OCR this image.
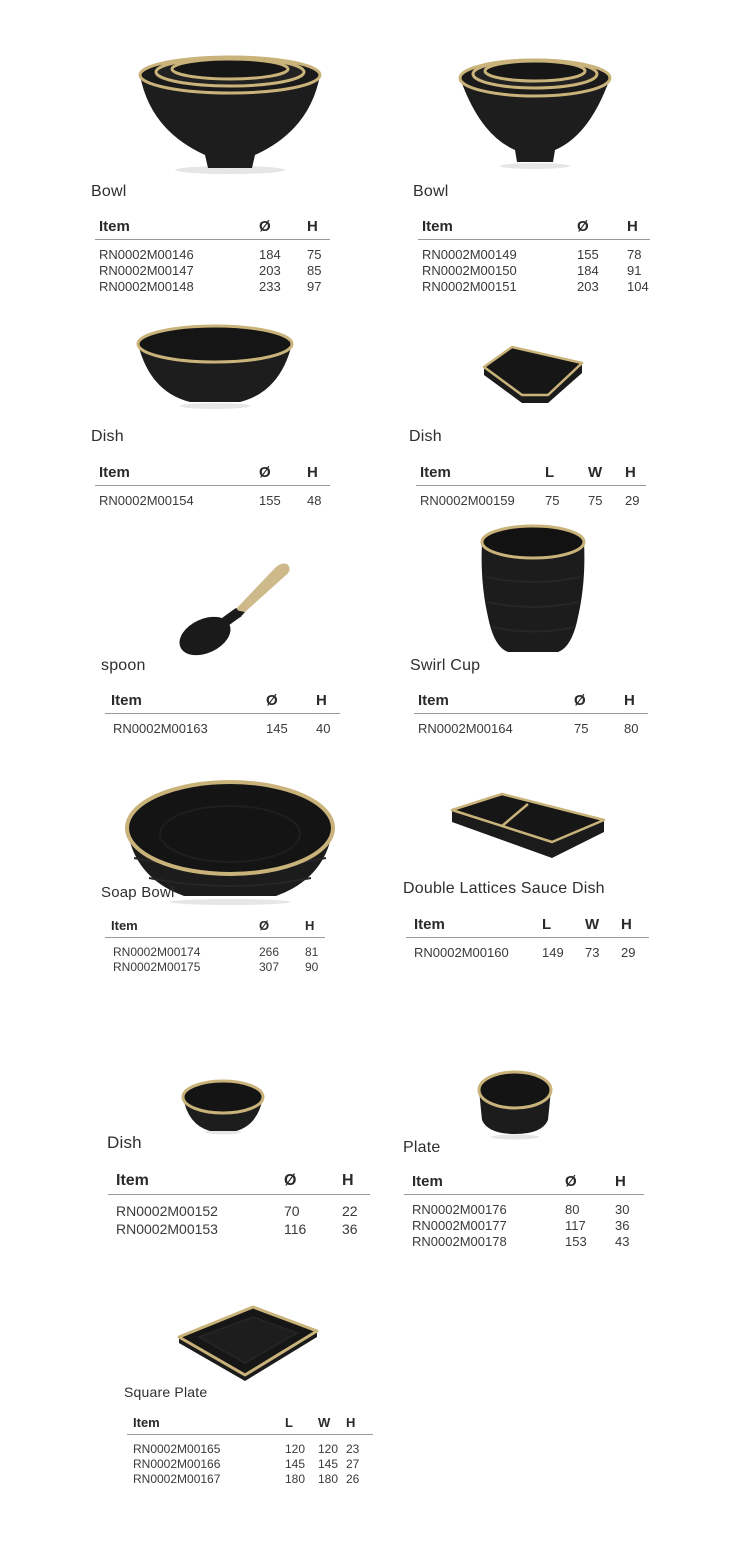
Bowl
Item	Ø	H
RN0002M00146	184	75
RN0002M00147	203	85
RN0002M00148	233	97
Bowl
Item	Ø	H
RN0002M00149	155	78
RN0002M00150	184	91
RN0002M00151	203	104
Dish
Item	Ø	H
RN0002M00154	155	48
Dish
Item	L	W	H
RN0002M00159	75	75	29
spoon
Item	Ø	H
RN0002M00163	145	40
Swirl Cup
Item	Ø	H
RN0002M00164	75	80
Soap Bowl
Item	Ø	H
RN0002M00174	266	81
RN0002M00175	307	90
Double Lattices Sauce Dish
Item	L	W	H
RN0002M00160	149	73	29
Dish
Item	Ø	H
RN0002M00152	70	22
RN0002M00153	116	36
Plate
Item	Ø	H
RN0002M00176	80	30
RN0002M00177	117	36
RN0002M00178	153	43
Square Plate
Item	L	W	H
RN0002M00165	120	120	23
RN0002M00166	145	145	27
RN0002M00167	180	180	26
